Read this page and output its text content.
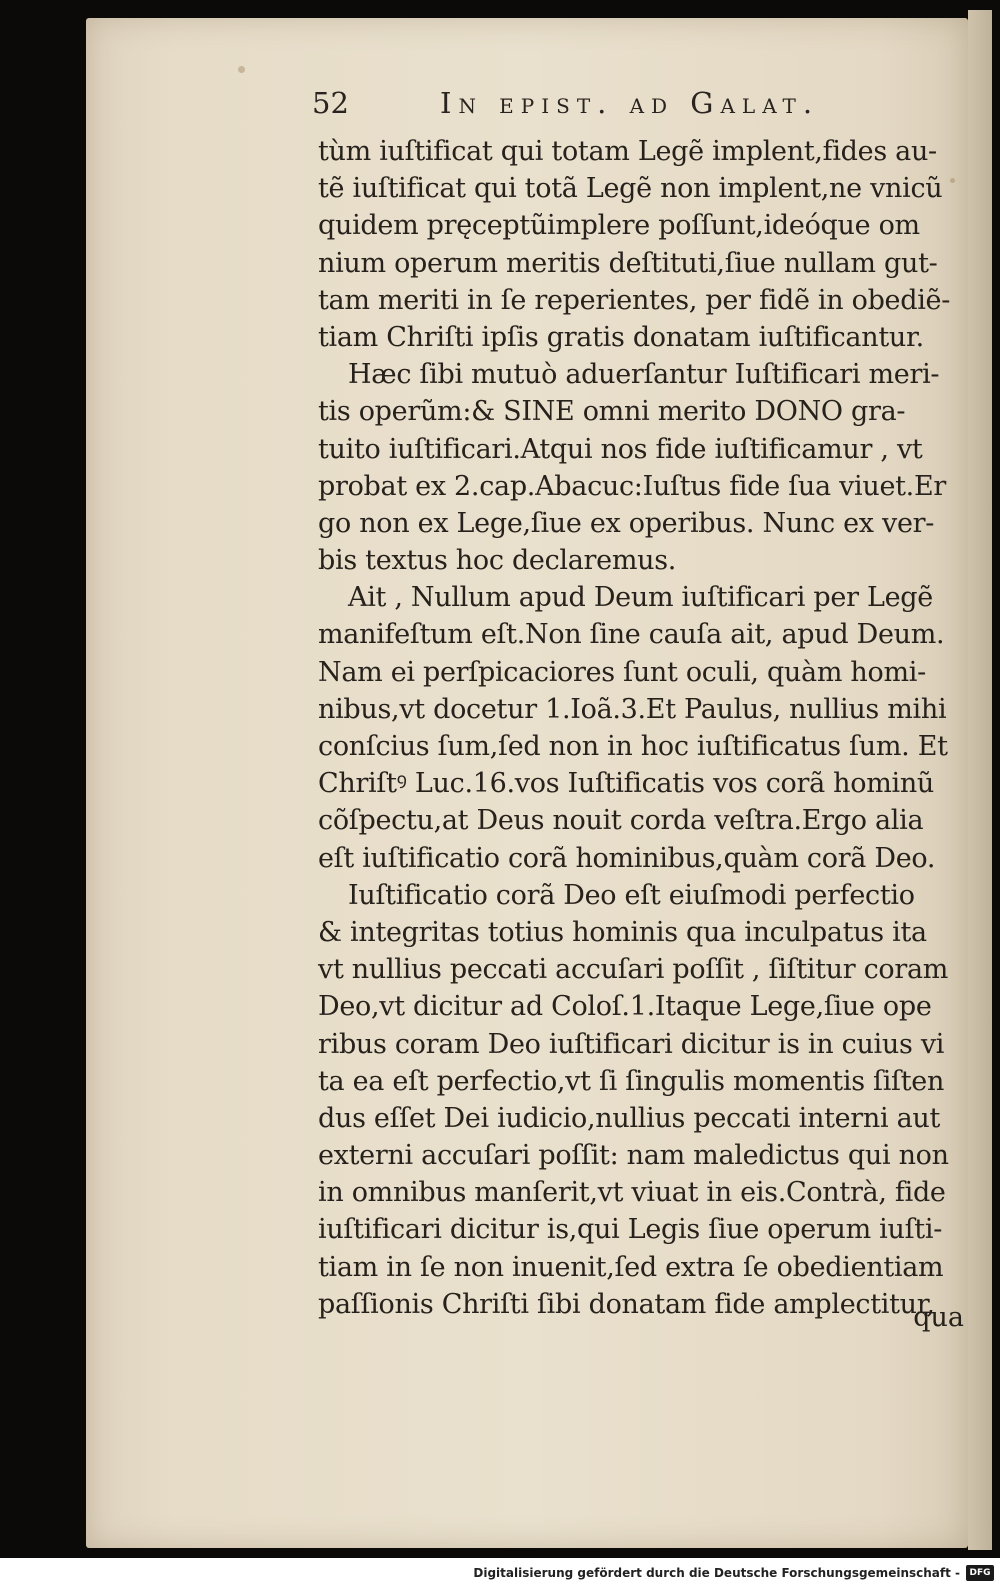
52	In epist. ad Galat.
tùm iuſtificat qui totam Legẽ implent,fides au-
tẽ iuſtificat qui totã Legẽ non implent,ne vnicũ
quidem pręceptũimplere poſſunt,ideóque om
nium operum meritis deſtituti,ſiue nullam gut-
tam meriti in ſe reperientes, per fidẽ in obediẽ-
tiam Chriſti ipſis gratis donatam iuſtificantur.
Hæc ſibi mutuò aduerſantur Iuſtificari meri-
tis operũm:& SINE omni merito DONO gra-
tuito iuſtificari.Atqui nos fide iuſtificamur , vt
probat ex 2.cap.Abacuc:Iuſtus fide ſua viuet.Er
go non ex Lege,ſiue ex operibus. Nunc ex ver-
bis textus hoc declaremus.
Ait , Nullum apud Deum iuſtificari per Legẽ
manifeſtum eſt.Non ſine cauſa ait, apud Deum.
Nam ei perſpicaciores ſunt oculi, quàm homi-
nibus,vt docetur 1.Ioã.3.Et Paulus, nullius mihi
conſcius ſum,ſed non in hoc iuſtificatus ſum. Et
Chriſtꝰ Luc.16.vos Iuſtificatis vos corã hominũ
cõſpectu,at Deus nouit corda veſtra.Ergo alia
eſt iuſtificatio corã hominibus,quàm corã Deo.
Iuſtificatio corã Deo eſt eiuſmodi perfectio
& integritas totius hominis qua inculpatus ita
vt nullius peccati accuſari poſſit , ſiſtitur coram
Deo,vt dicitur ad Coloſ.1.Itaque Lege,ſiue ope
ribus coram Deo iuſtificari dicitur is in cuius vi
ta ea eſt perfectio,vt ſi ſingulis momentis ſiſten
dus eſſet Dei iudicio,nullius peccati interni aut
externi accuſari poſſit: nam maledictus qui non
in omnibus manſerit,vt viuat in eis.Contrà, fide
iuſtificari dicitur is,qui Legis ſiue operum iuſti-
tiam in ſe non inuenit,ſed extra ſe obedientiam
paſſionis Chriſti ſibi donatam fide amplectitur,
qua
Digitalisierung gefördert durch die Deutsche Forschungsgemeinschaft -	DFG
